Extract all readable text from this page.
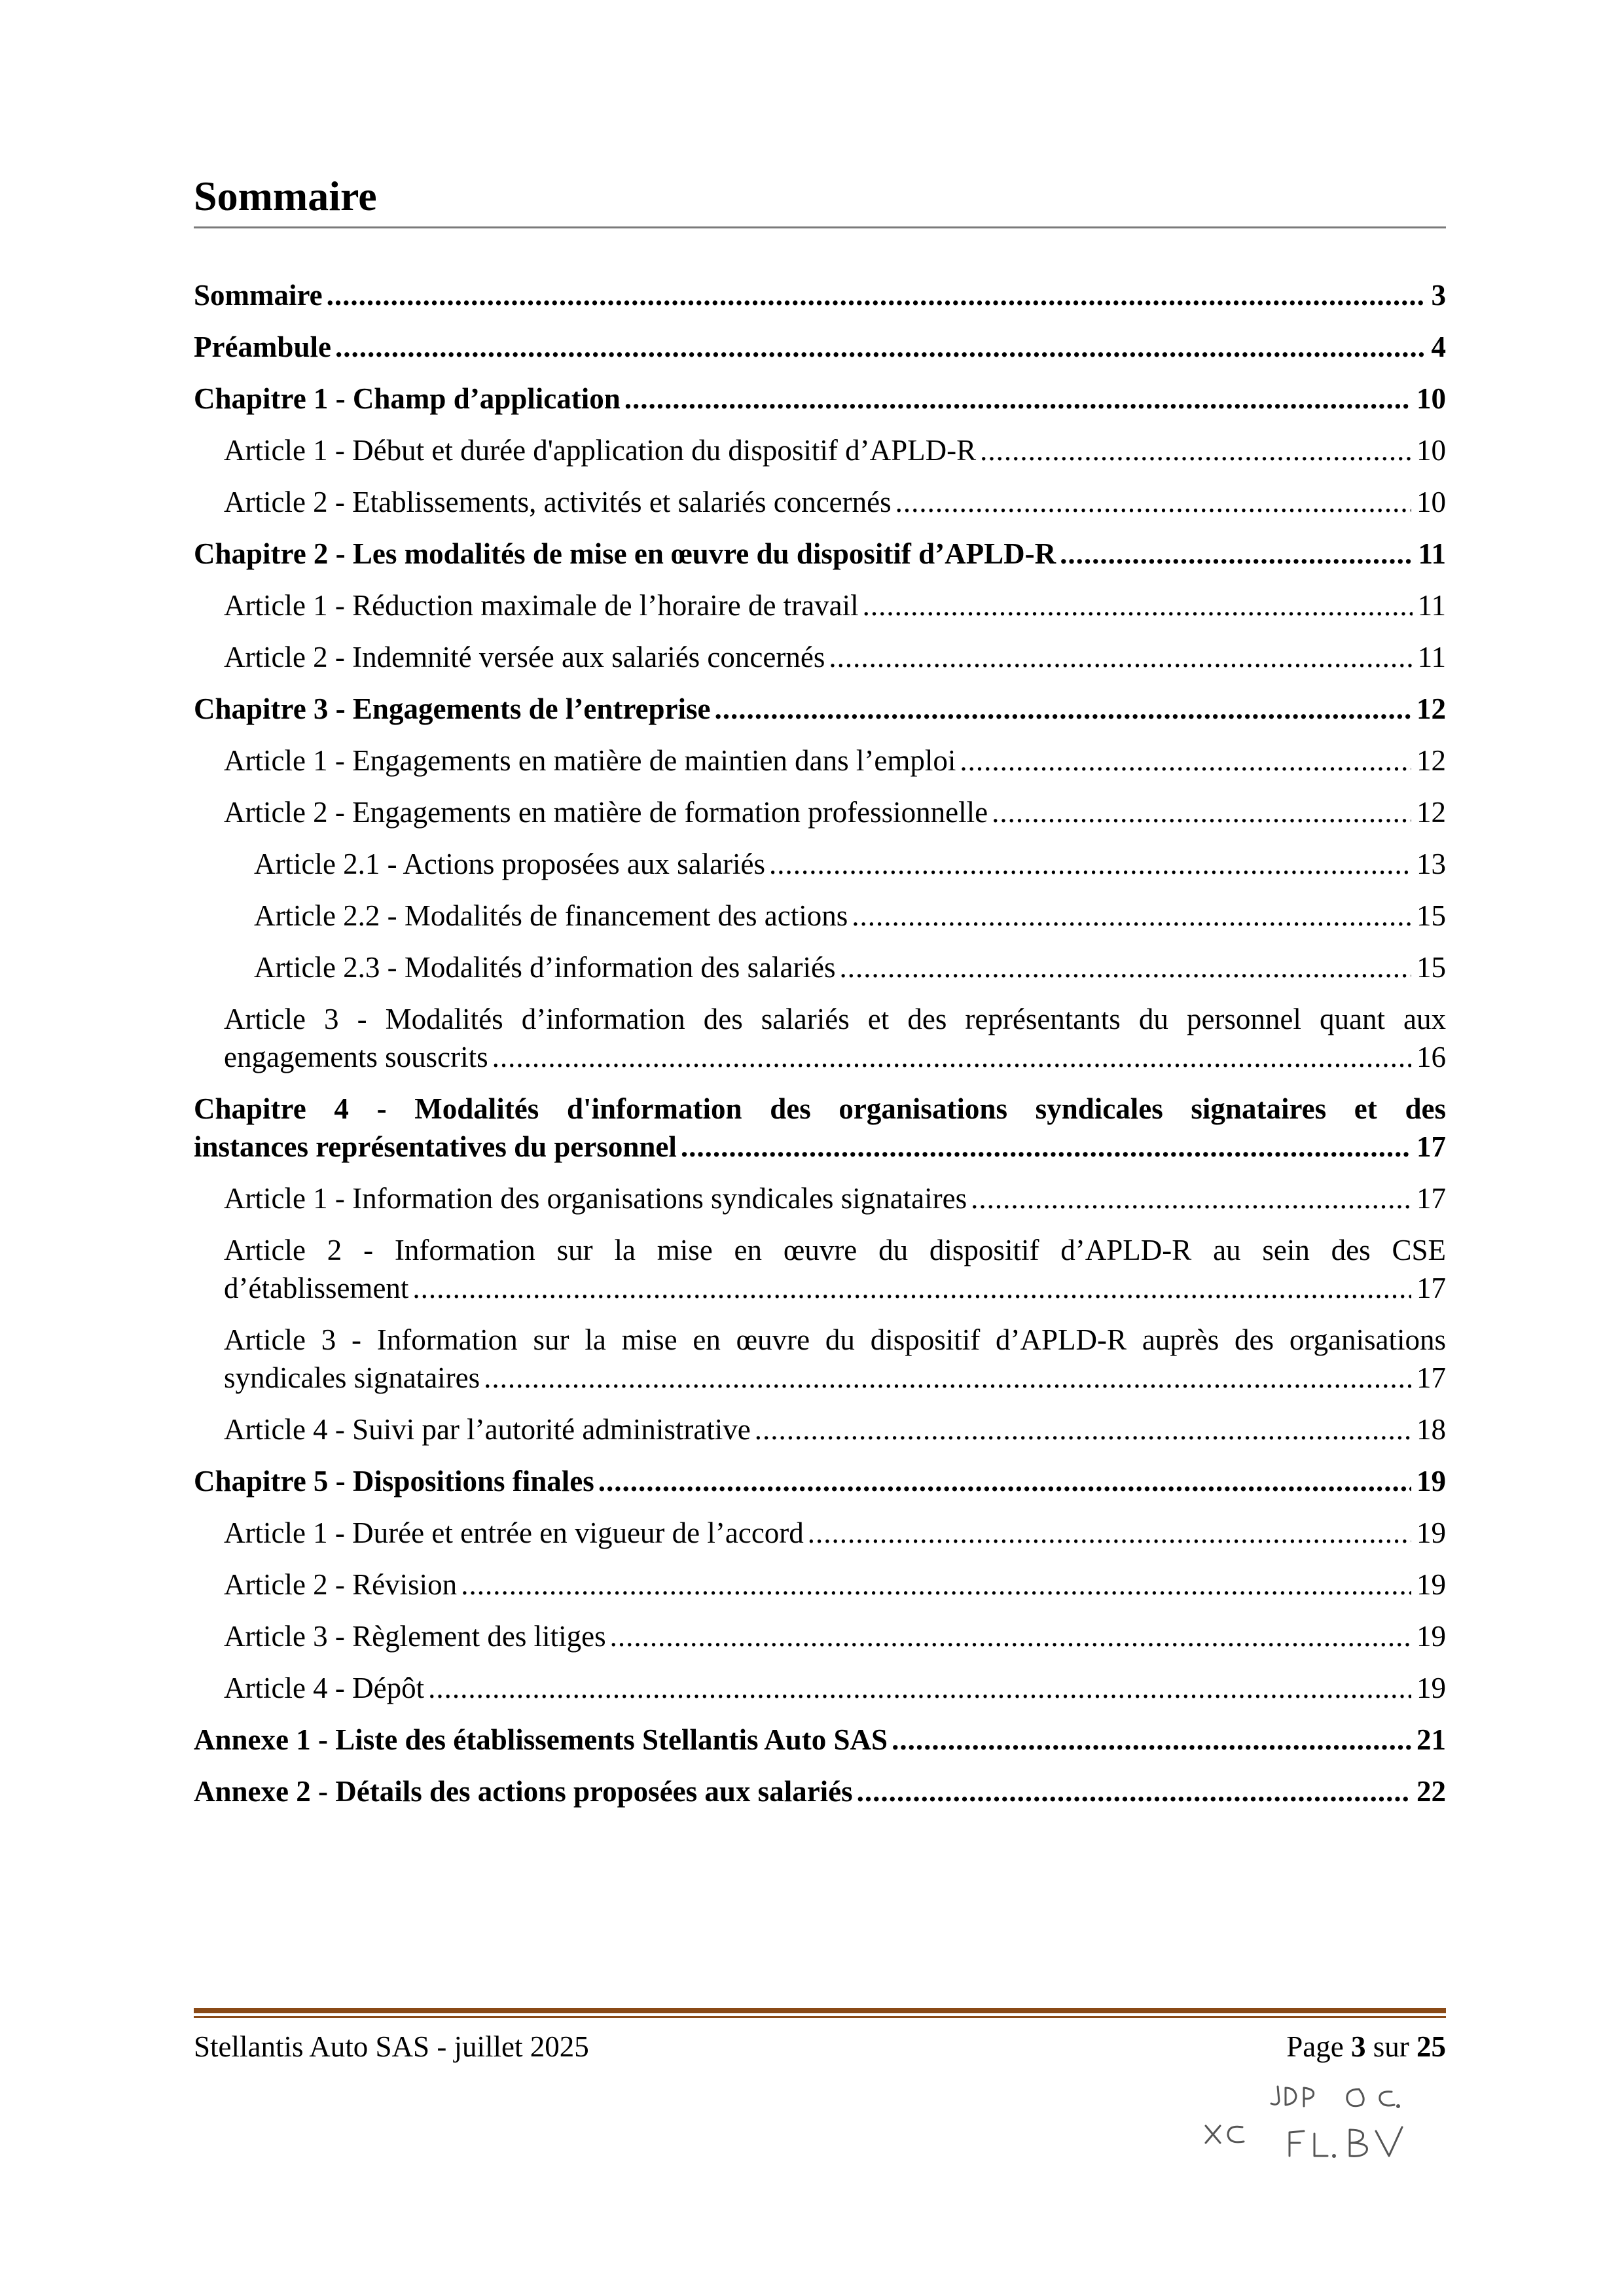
Sommaire
Sommaire .....	3
Préambule .....	4
Chapitre 1 - Champ d’application .....	10
Article 1 - Début et durée d'application du dispositif d’APLD-R .....	10
Article 2 - Etablissements, activités et salariés concernés .....	10
Chapitre 2 - Les modalités de mise en œuvre du dispositif d’APLD-R .....	11
Article 1 - Réduction maximale de l’horaire de travail .....	11
Article 2 - Indemnité versée aux salariés concernés .....	11
Chapitre 3 - Engagements de l’entreprise .....	12
Article 1 - Engagements en matière de maintien dans l’emploi .....	12
Article 2 - Engagements en matière de formation professionnelle .....	12
Article 2.1 - Actions proposées aux salariés .....	13
Article 2.2 - Modalités de financement des actions .....	15
Article 2.3 - Modalités d’information des salariés .....	15
Article 3 - Modalités d’information des salariés et des représentants du personnel quant aux
engagements souscrits .....	16
Chapitre 4 - Modalités d'information des organisations syndicales signataires et des
instances représentatives du personnel .....	17
Article 1 - Information des organisations syndicales signataires .....	17
Article 2 - Information sur la mise en œuvre du dispositif d’APLD-R au sein des CSE
d’établissement .....	17
Article 3 - Information sur la mise en œuvre du dispositif d’APLD-R auprès des organisations
syndicales signataires .....	17
Article 4 - Suivi par l’autorité administrative .....	18
Chapitre 5 - Dispositions finales .....	19
Article 1 - Durée et entrée en vigueur de l’accord .....	19
Article 2 - Révision .....	19
Article 3 - Règlement des litiges .....	19
Article 4 - Dépôt .....	19
Annexe 1 - Liste des établissements Stellantis Auto SAS .....	21
Annexe 2 - Détails des actions proposées aux salariés .....	22
Stellantis Auto SAS - juillet 2025	Page 3 sur 25
